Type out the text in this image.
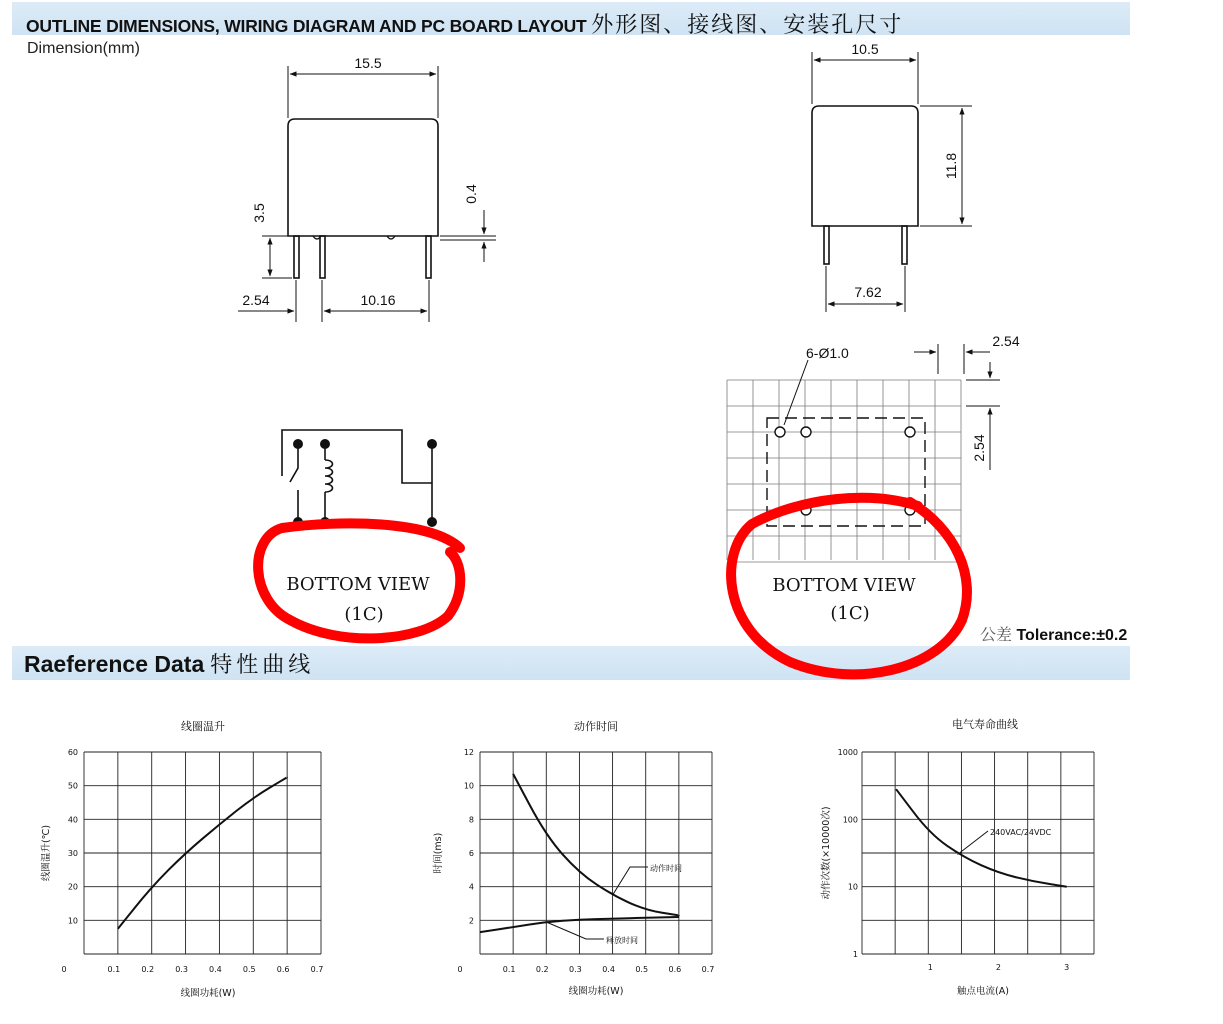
OUTLINE DIMENSIONS, WIRING DIAGRAM AND PC BOARD LAYOUT 外形图、接线图、安装孔尺寸
Dimension(mm)
Raeference Data 特性曲线
公差 Tolerance:±0.2
15.5
3.5
0.4
2.54	10.16
10.5
11.8
7.62
6-Ø1.0
2.54
2.54
BOTTOM VIEW
(1C)
BOTTOM VIEW
(1C)
线圈温升
线圈功耗(W)
线圈温升(℃)
0	0.1	0.2	0.3	0.4	0.5	0.6	0.7
10
20
30
40
50
60
动作时间
线圈功耗(W)
时间(ms)
0	0.1	0.2	0.3	0.4	0.5	0.6	0.7
2
4
6
8
10
12
动作时间
释放时间
电气寿命曲线
触点电流(A)
动作次数(×10000次)
1	2	3
1
10
100
1000
240VAC/24VDC
